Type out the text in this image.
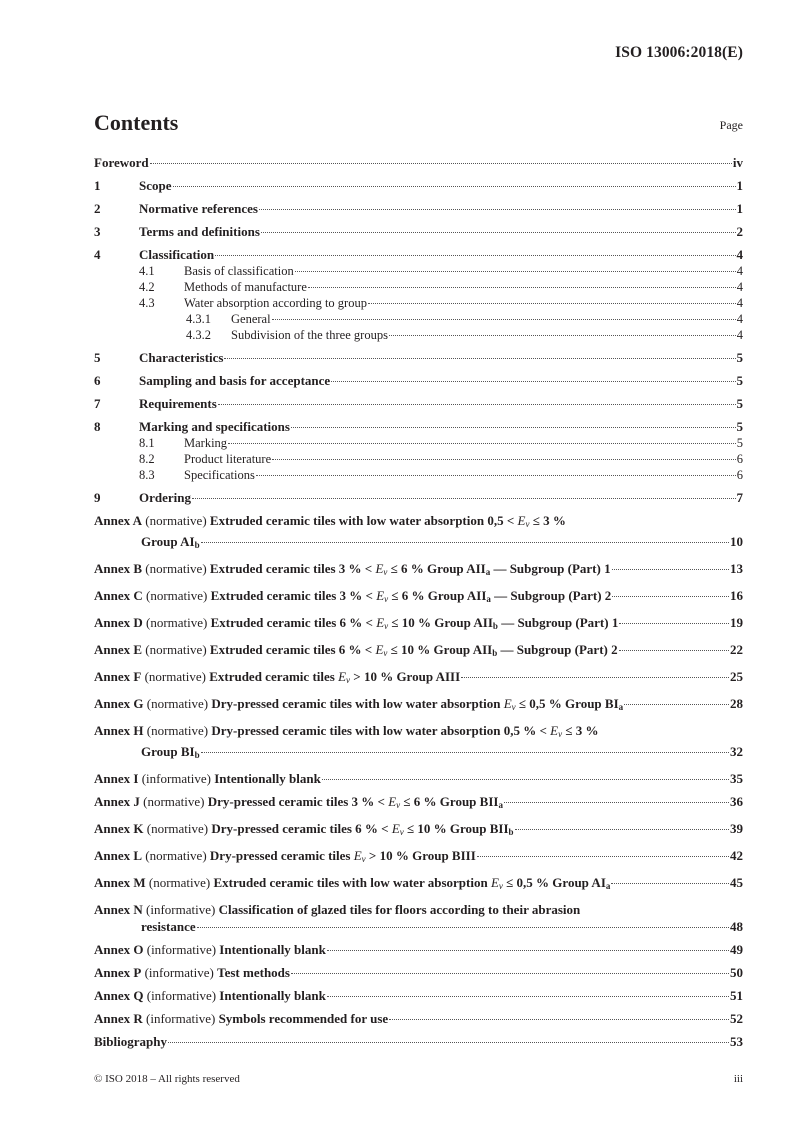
ISO 13006:2018(E)
Contents	Page
Foreword	iv
1	Scope	1
2	Normative references	1
3	Terms and definitions	2
4	Classification	4
4.1	Basis of classification	4
4.2	Methods of manufacture	4
4.3	Water absorption according to group	4
4.3.1	General	4
4.3.2	Subdivision of the three groups	4
5	Characteristics	5
6	Sampling and basis for acceptance	5
7	Requirements	5
8	Marking and specifications	5
8.1	Marking	5
8.2	Product literature	6
8.3	Specifications	6
9	Ordering	7
Annex A (normative) Extruded ceramic tiles with low water absorption $0,5 < E_v \le 3$ %
Group $AI_b$	10
Annex B (normative) Extruded ceramic tiles 3 % < $E_v \le 6$ % Group $AII_a$ — Subgroup (Part) 1	13
Annex C (normative) Extruded ceramic tiles 3 % < $E_v \le 6$ % Group $AII_a$ — Subgroup (Part) 2	16
Annex D (normative) Extruded ceramic tiles 6 % < $E_v \le 10$ % Group $AII_b$ — Subgroup (Part) 1	19
Annex E (normative) Extruded ceramic tiles 6 % < $E_v \le 10$ % Group $AII_b$ — Subgroup (Part) 2	22
Annex F (normative) Extruded ceramic tiles $E_v > 10$ % Group AIII	25
Annex G (normative) Dry-pressed ceramic tiles with low water absorption $E_v \le 0,5$ % Group $BI_a$	28
Annex H (normative) Dry-pressed ceramic tiles with low water absorption 0,5 % < $E_v \le 3$ %
Group $BI_b$	32
Annex I (informative) Intentionally blank	35
Annex J (normative) Dry-pressed ceramic tiles 3 % < $E_v \le 6$ % Group $BII_a$	36
Annex K (normative) Dry-pressed ceramic tiles 6 % < $E_v \le 10$ % Group $BII_b$	39
Annex L (normative) Dry-pressed ceramic tiles $E_v > 10$ % Group BIII	42
Annex M (normative) Extruded ceramic tiles with low water absorption $E_v \le 0,5$ % Group $AI_a$	45
Annex N (informative) Classification of glazed tiles for floors according to their abrasion
resistance	48
Annex O (informative) Intentionally blank	49
Annex P (informative) Test methods	50
Annex Q (informative) Intentionally blank	51
Annex R (informative) Symbols recommended for use	52
Bibliography	53
© ISO 2018 – All rights reserved	iii
